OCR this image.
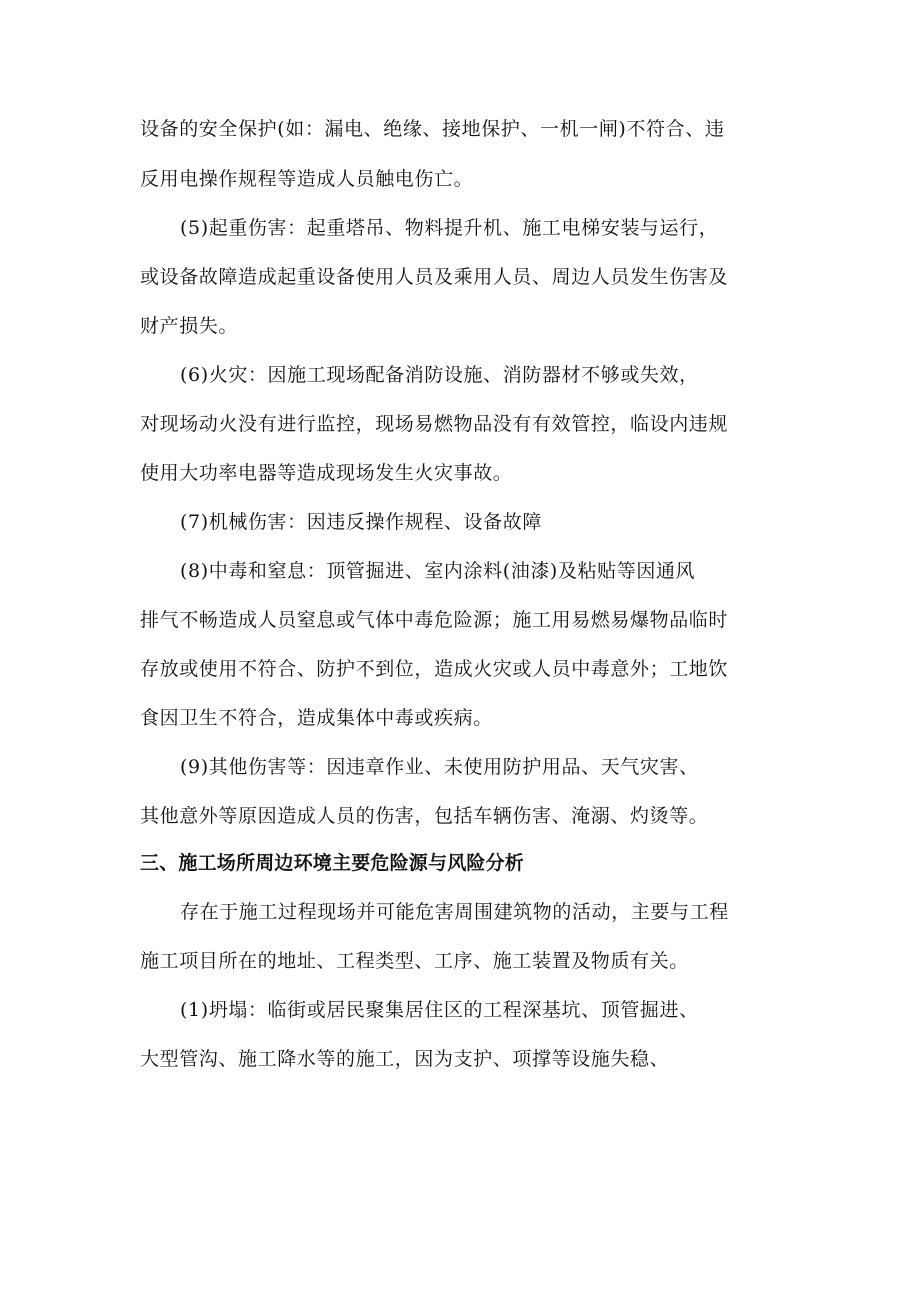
设备的安全保护(如：漏电、绝缘、接地保护、一机一闸)不符合、违
反用电操作规程等造成人员触电伤亡。
(5)起重伤害：起重塔吊、物料提升机、施工电梯安装与运行，
或设备故障造成起重设备使用人员及乘用人员、周边人员发生伤害及
财产损失。
(6)火灾：因施工现场配备消防设施、消防器材不够或失效，
对现场动火没有进行监控，现场易燃物品没有有效管控，临设内违规
使用大功率电器等造成现场发生火灾事故。
(7)机械伤害：因违反操作规程、设备故障
(8)中毒和窒息：顶管掘进、室内涂料(油漆)及粘贴等因通风
排气不畅造成人员窒息或气体中毒危险源；施工用易燃易爆物品临时
存放或使用不符合、防护不到位，造成火灾或人员中毒意外；工地饮
食因卫生不符合，造成集体中毒或疾病。
(9)其他伤害等：因违章作业、未使用防护用品、天气灾害、
其他意外等原因造成人员的伤害，包括车辆伤害、淹溺、灼烫等。
三、施工场所周边环境主要危险源与风险分析
存在于施工过程现场并可能危害周围建筑物的活动，主要与工程
施工项目所在的地址、工程类型、工序、施工装置及物质有关。
(1)坍塌：临街或居民聚集居住区的工程深基坑、顶管掘进、
大型管沟、施工降水等的施工，因为支护、项撑等设施失稳、
